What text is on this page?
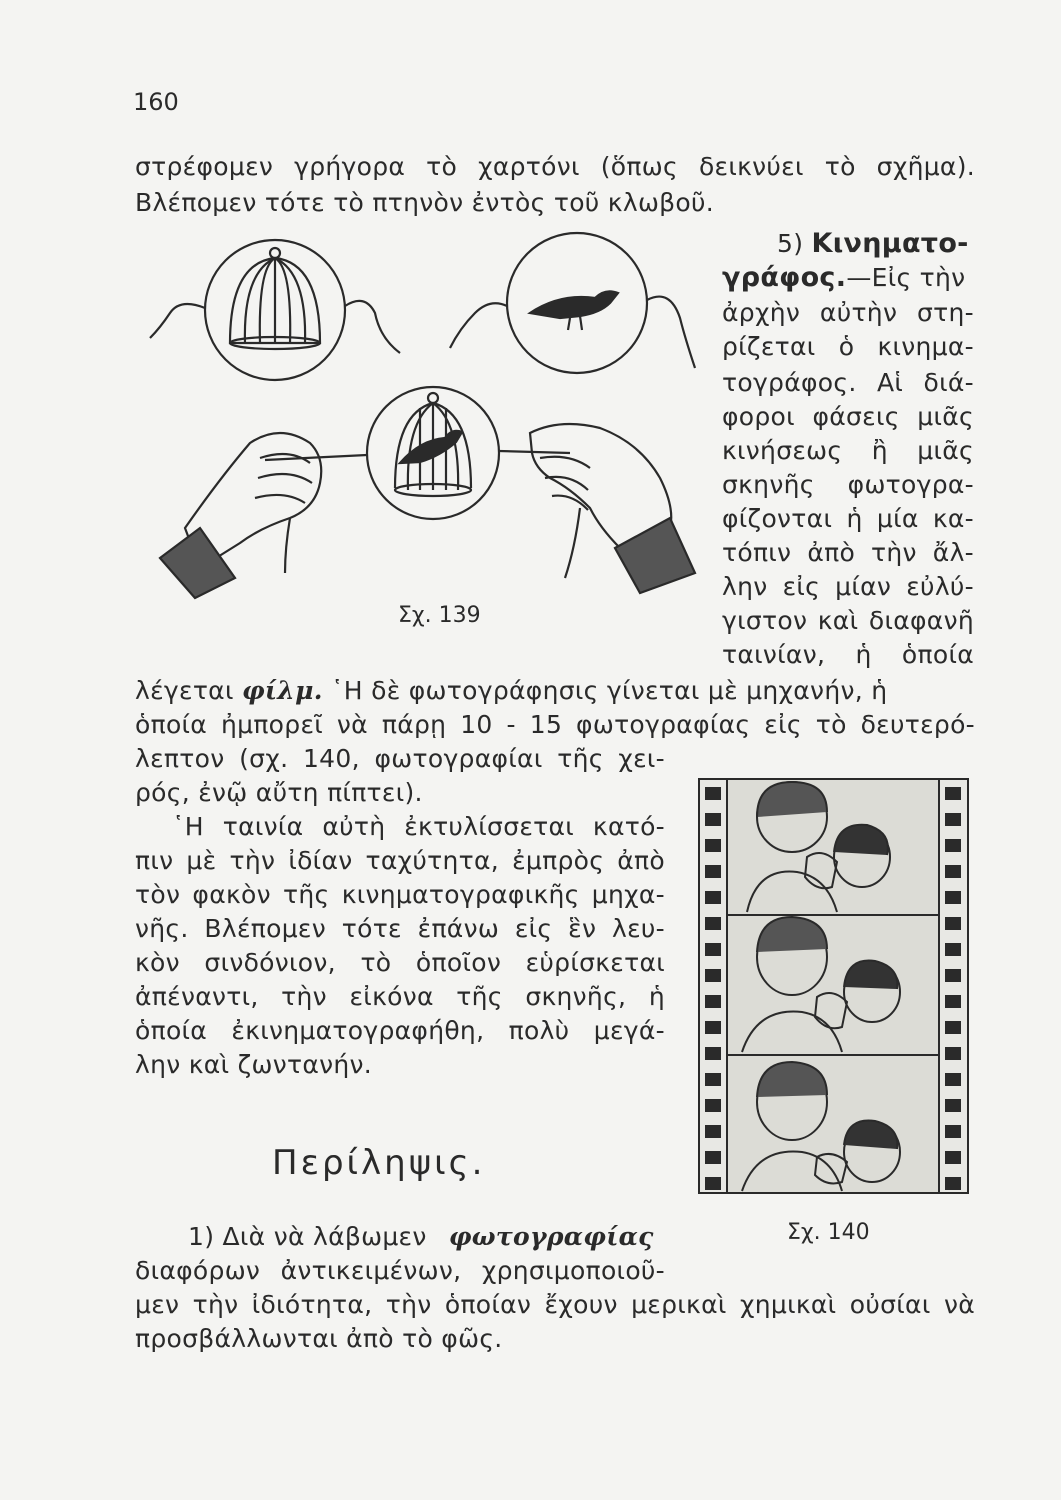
160
στρέφομεν γρήγορα τὸ χαρτόνι (ὅπως δεικνύει τὸ σχῆμα).
Βλέπομεν τότε τὸ πτηνὸν ἐντὸς τοῦ κλωβοῦ.
Σχ. 139
5) Κινηματο-
γράφος.—Εἰς τὴν
ἀρχὴν αὐτὴν στη-
ρίζεται ὁ κινημα-
τογράφος. Αἱ διά-
φοροι φάσεις μιᾶς
κινήσεως ἢ μιᾶς
σκηνῆς φωτογρα-
φίζονται ἡ μία κα-
τόπιν ἀπὸ τὴν ἄλ-
λην εἰς μίαν εὐλύ-
γιστον καὶ διαφανῆ
ταινίαν, ἡ ὁποία
λέγεται φίλμ. ῾Η δὲ φωτογράφησις γίνεται μὲ μηχανήν, ἡ
ὁποία ἠμπορεῖ νὰ πάρῃ 10 - 15 φωτογραφίας εἰς τὸ δευτερό-
λεπτον (σχ. 140, φωτογραφίαι τῆς χει-
ρός, ἐνῷ αὔτη πίπτει).
Σχ. 140
῾Η ταινία αὐτὴ ἐκτυλίσσεται κατό-
πιν μὲ τὴν ἰδίαν ταχύτητα, ἐμπρὸς ἀπὸ
τὸν φακὸν τῆς κινηματογραφικῆς μηχα-
νῆς. Βλέπομεν τότε ἐπάνω εἰς ἓν λευ-
κὸν σινδόνιον, τὸ ὁποῖον εὑρίσκεται
ἀπέναντι, τὴν εἰκόνα τῆς σκηνῆς, ἡ
ὁποία ἐκινηματογραφήθη, πολὺ μεγά-
λην καὶ ζωντανήν.
Περίληψις.
1) Διὰ νὰ λάβωμεν φωτογραφίας
διαφόρων ἀντικειμένων, χρησιμοποιοῦ-
μεν τὴν ἰδιότητα, τὴν ὁποίαν ἔχουν μερικαὶ χημικαὶ οὐσίαι νὰ
προσβάλλωνται ἀπὸ τὸ φῶς.
